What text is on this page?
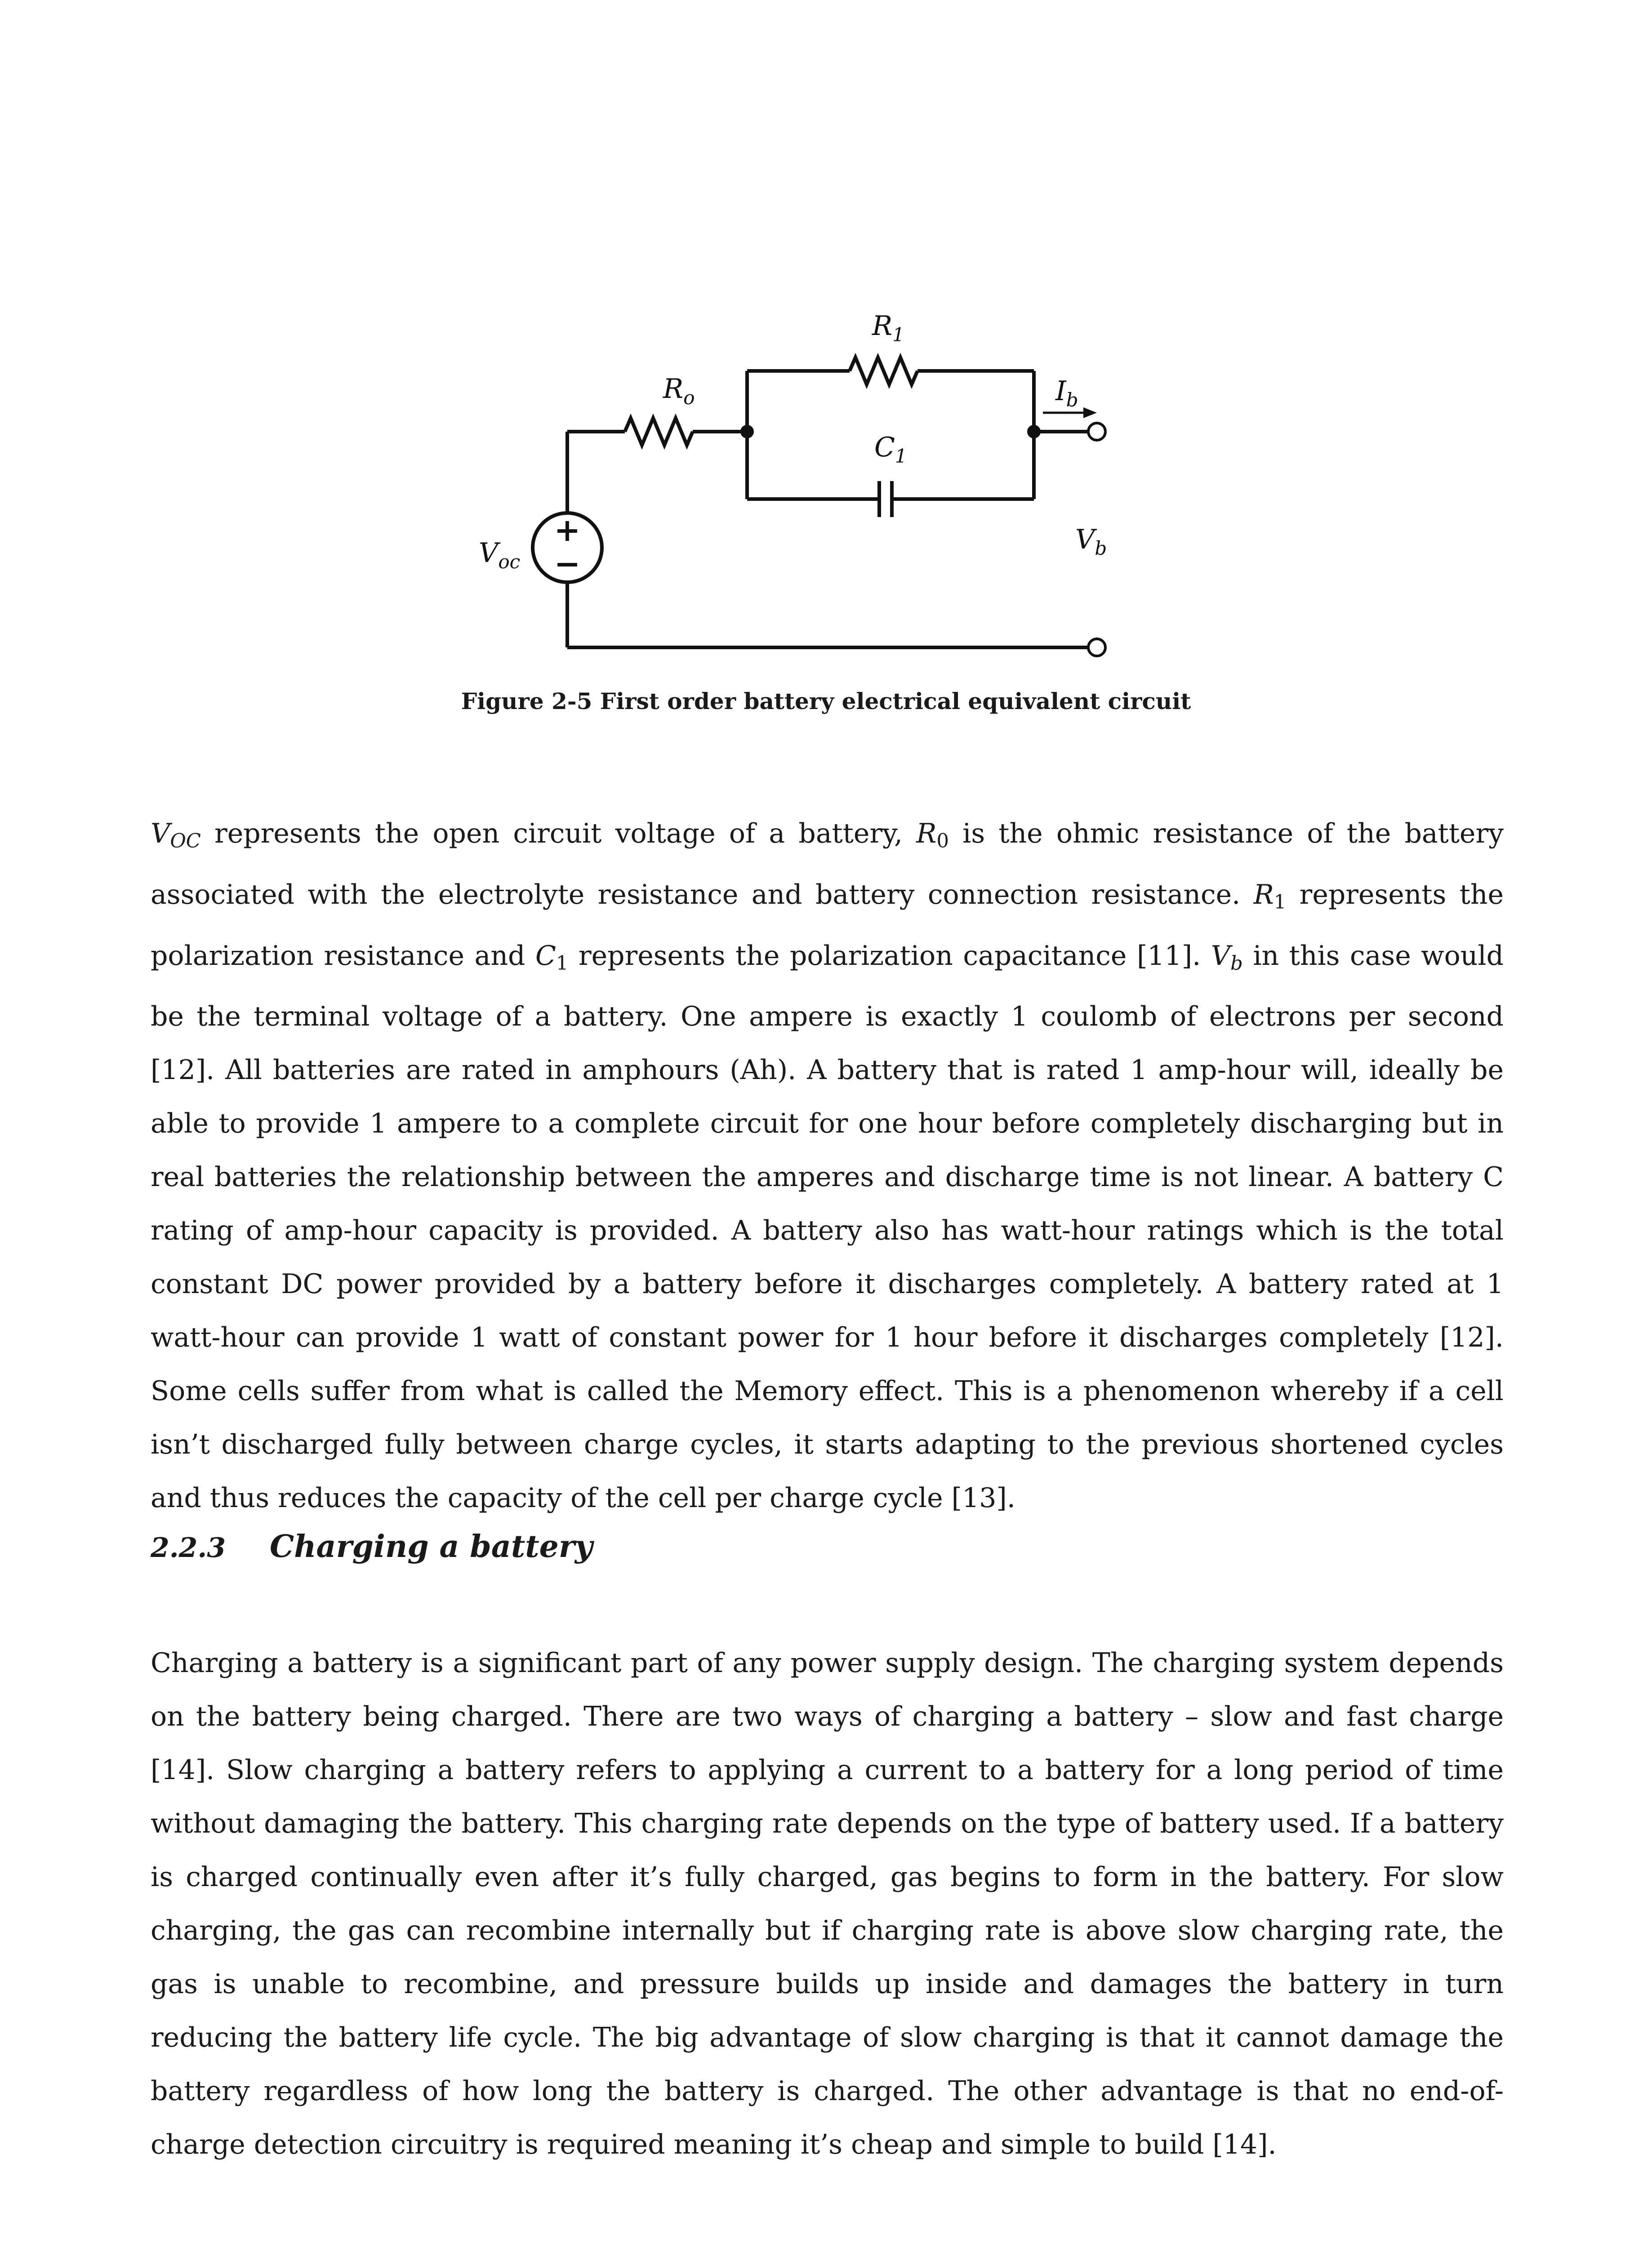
+
−
$R_1$
$R_o$
$C_1$
$I_b$
$V_{oc}$
$V_b$
Figure 2-5 First order battery electrical equivalent circuit

$V_{OC}$ represents the open circuit voltage of a battery, $R_0$ is the ohmic resistance of the battery associated with the electrolyte resistance and battery connection resistance. $R_1$ represents the polarization resistance and $C_1$ represents the polarization capacitance [11]. $V_b$ in this case would be the terminal voltage of a battery. One ampere is exactly 1 coulomb of electrons per second [12]. All batteries are rated in amphours (Ah). A battery that is rated 1 amp-hour will, ideally be able to provide 1 ampere to a complete circuit for one hour before completely discharging but in real batteries the relationship between the amperes and discharge time is not linear. A battery C rating of amp-hour capacity is provided. A battery also has watt-hour ratings which is the total constant DC power provided by a battery before it discharges completely. A battery rated at 1 watt-hour can provide 1 watt of constant power for 1 hour before it discharges completely [12]. Some cells suffer from what is called the Memory effect. This is a phenomenon whereby if a cell isn’t discharged fully between charge cycles, it starts adapting to the previous shortened cycles and thus reduces the capacity of the cell per charge cycle [13].

2.2.3 Charging a battery

Charging a battery is a significant part of any power supply design. The charging system depends on the battery being charged. There are two ways of charging a battery – slow and fast charge [14]. Slow charging a battery refers to applying a current to a battery for a long period of time without damaging the battery. This charging rate depends on the type of battery used. If a battery is charged continually even after it’s fully charged, gas begins to form in the battery. For slow charging, the gas can recombine internally but if charging rate is above slow charging rate, the gas is unable to recombine, and pressure builds up inside and damages the battery in turn reducing the battery life cycle. The big advantage of slow charging is that it cannot damage the battery regardless of how long the battery is charged. The other advantage is that no end-of-charge detection circuitry is required meaning it’s cheap and simple to build [14].
